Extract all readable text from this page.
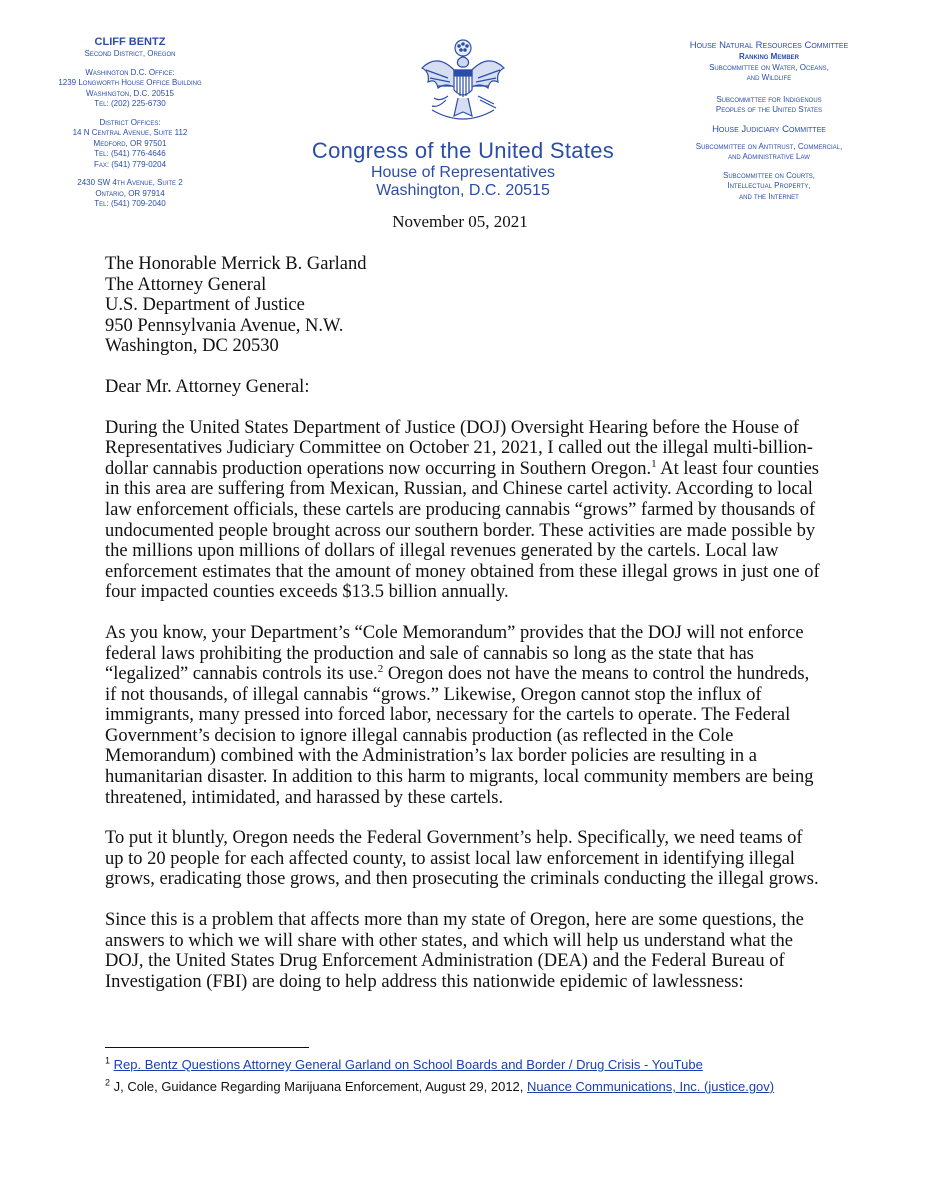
CLIFF BENTZ
Second District, Oregon
Washington D.C. Office:
1239 Longworth House Office Building
Washington, D.C. 20515
Tel: (202) 225-6730
District Offices:
14 N Central Avenue, Suite 112
Medford, OR 97501
Tel: (541) 776-4646
Fax: (541) 779-0204
2430 SW 4th Avenue, Suite 2
Ontario, OR 97914
Tel: (541) 709-2040
Congress of the United States
House of Representatives
Washington, D.C. 20515
House Natural Resources Committee
Ranking Member
Subcommittee on Water, Oceans,
and Wildlife
Subcommittee for Indigenous
Peoples of the United States
House Judiciary Committee
Subcommittee on Antitrust, Commercial,
and Administrative Law
Subcommittee on Courts,
Intellectual Property,
and the Internet
November 05, 2021

The Honorable Merrick B. Garland

The Attorney General

U.S. Department of Justice

950 Pennsylvania Avenue, N.W.

Washington, DC 20530

Dear Mr. Attorney General:

During the United States Department of Justice (DOJ) Oversight Hearing before the House of Representatives Judiciary Committee on October 21, 2021, I called out the illegal multi-billion-dollar cannabis production operations now occurring in Southern Oregon.$^1$ At least four counties in this area are suffering from Mexican, Russian, and Chinese cartel activity. According to local law enforcement officials, these cartels are producing cannabis “grows” farmed by thousands of undocumented people brought across our southern border. These activities are made possible by the millions upon millions of dollars of illegal revenues generated by the cartels. Local law enforcement estimates that the amount of money obtained from these illegal grows in just one of four impacted counties exceeds $13.5 billion annually.

As you know, your Department’s “Cole Memorandum” provides that the DOJ will not enforce federal laws prohibiting the production and sale of cannabis so long as the state that has “legalized” cannabis controls its use.$^2$ Oregon does not have the means to control the hundreds, if not thousands, of illegal cannabis “grows.” Likewise, Oregon cannot stop the influx of immigrants, many pressed into forced labor, necessary for the cartels to operate. The Federal Government’s decision to ignore illegal cannabis production (as reflected in the Cole Memorandum) combined with the Administration’s lax border policies are resulting in a humanitarian disaster. In addition to this harm to migrants, local community members are being threatened, intimidated, and harassed by these cartels.

To put it bluntly, Oregon needs the Federal Government’s help. Specifically, we need teams of up to 20 people for each affected county, to assist local law enforcement in identifying illegal grows, eradicating those grows, and then prosecuting the criminals conducting the illegal grows.

Since this is a problem that affects more than my state of Oregon, here are some questions, the answers to which we will share with other states, and which will help us understand what the DOJ, the United States Drug Enforcement Administration (DEA) and the Federal Bureau of Investigation (FBI) are doing to help address this nationwide epidemic of lawlessness:

$^1$ Rep. Bentz Questions Attorney General Garland on School Boards and Border / Drug Crisis - YouTube
$^2$ J, Cole, Guidance Regarding Marijuana Enforcement, August 29, 2012, Nuance Communications, Inc. (justice.gov)
